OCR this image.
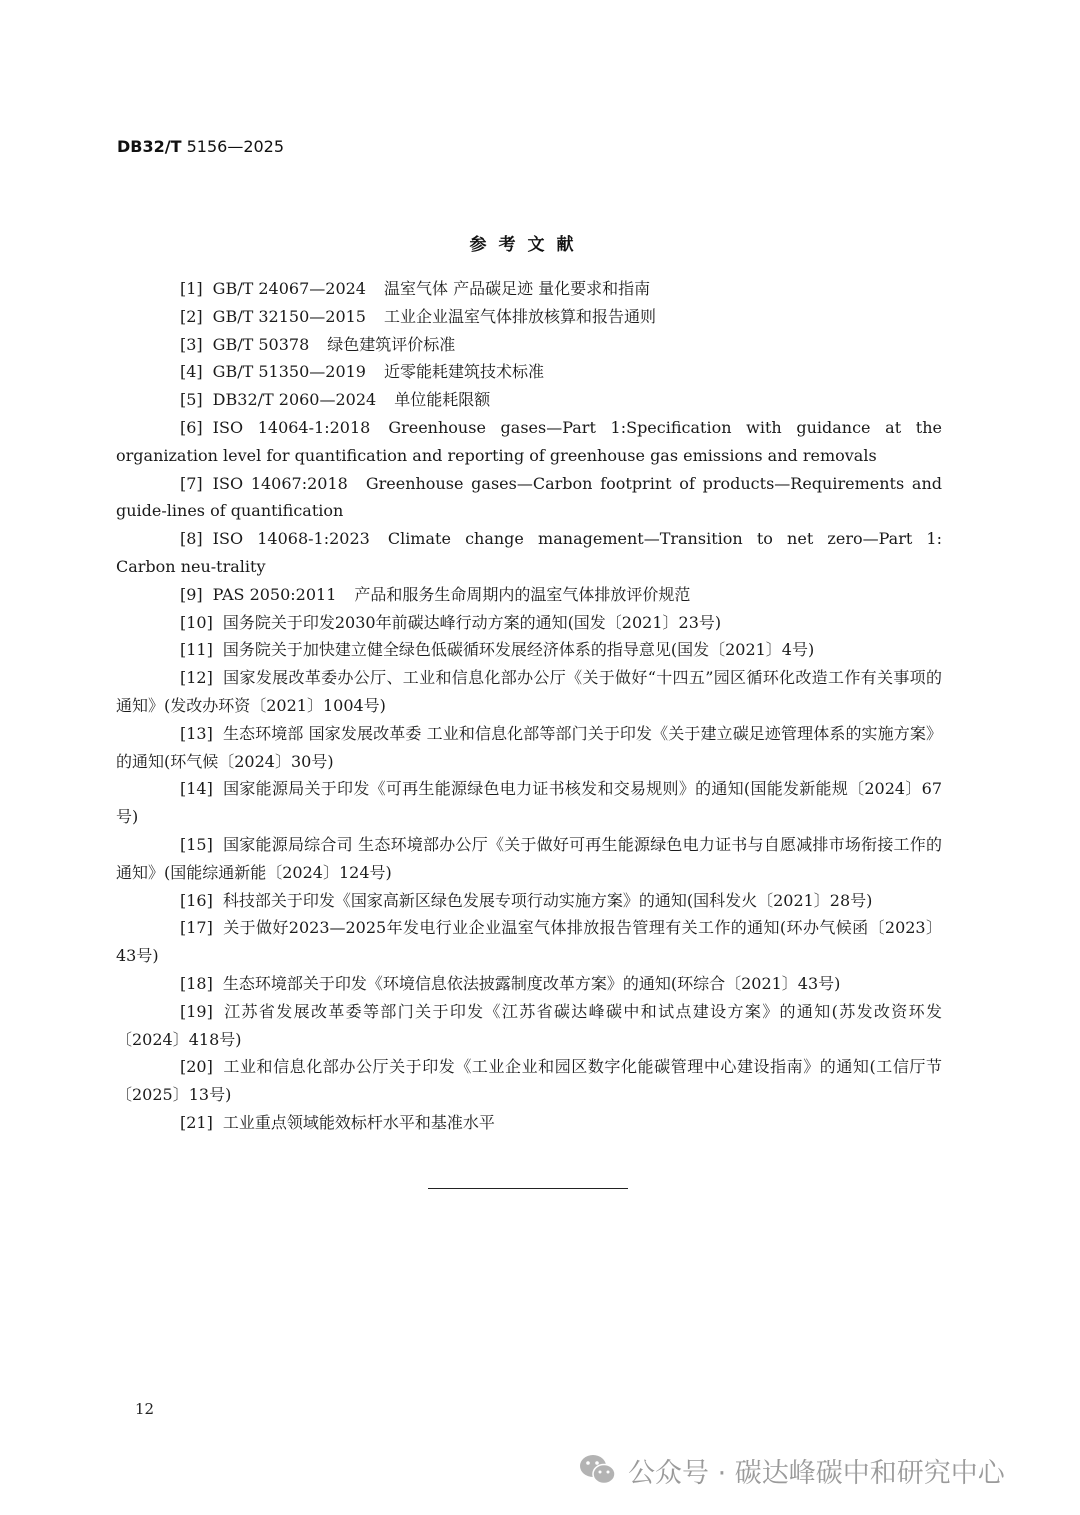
DB32/T 5156—2025
参考文献

[1] GB/T 24067—2024 温室气体 产品碳足迹 量化要求和指南

[2] GB/T 32150—2015 工业企业温室气体排放核算和报告通则

[3] GB/T 50378 绿色建筑评价标准

[4] GB/T 51350—2019 近零能耗建筑技术标准

[5] DB32/T 2060—2024 单位能耗限额

[6] ISO 14064-1:2018 Greenhouse gases—Part 1:Specification with guidance at the organization level for quantification and reporting of greenhouse gas emissions and removals

[7] ISO 14067:2018 Greenhouse gases—Carbon footprint of products—Requirements and guide-lines of quantification

[8] ISO 14068-1:2023 Climate change management—Transition to net zero—Part 1: Carbon neu-trality

[9] PAS 2050:2011 产品和服务生命周期内的温室气体排放评价规范

[10] 国务院关于印发2030年前碳达峰行动方案的通知(国发〔2021〕23号)

[11] 国务院关于加快建立健全绿色低碳循环发展经济体系的指导意见(国发〔2021〕4号)

[12] 国家发展改革委办公厅、工业和信息化部办公厅《关于做好“十四五”园区循环化改造工作有关事项的通知》(发改办环资〔2021〕1004号)

[13] 生态环境部 国家发展改革委 工业和信息化部等部门关于印发《关于建立碳足迹管理体系的实施方案》的通知(环气候〔2024〕30号)

[14] 国家能源局关于印发《可再生能源绿色电力证书核发和交易规则》的通知(国能发新能规〔2024〕67号)

[15] 国家能源局综合司 生态环境部办公厅《关于做好可再生能源绿色电力证书与自愿减排市场衔接工作的通知》(国能综通新能〔2024〕124号)

[16] 科技部关于印发《国家高新区绿色发展专项行动实施方案》的通知(国科发火〔2021〕28号)

[17] 关于做好2023—2025年发电行业企业温室气体排放报告管理有关工作的通知(环办气候函〔2023〕43号)

[18] 生态环境部关于印发《环境信息依法披露制度改革方案》的通知(环综合〔2021〕43号)

[19] 江苏省发展改革委等部门关于印发《江苏省碳达峰碳中和试点建设方案》的通知(苏发改资环发〔2024〕418号)

[20] 工业和信息化部办公厅关于印发《工业企业和园区数字化能碳管理中心建设指南》的通知(工信厅节〔2025〕13号)

[21] 工业重点领域能效标杆水平和基准水平

12
公众号 · 碳达峰碳中和研究中心
